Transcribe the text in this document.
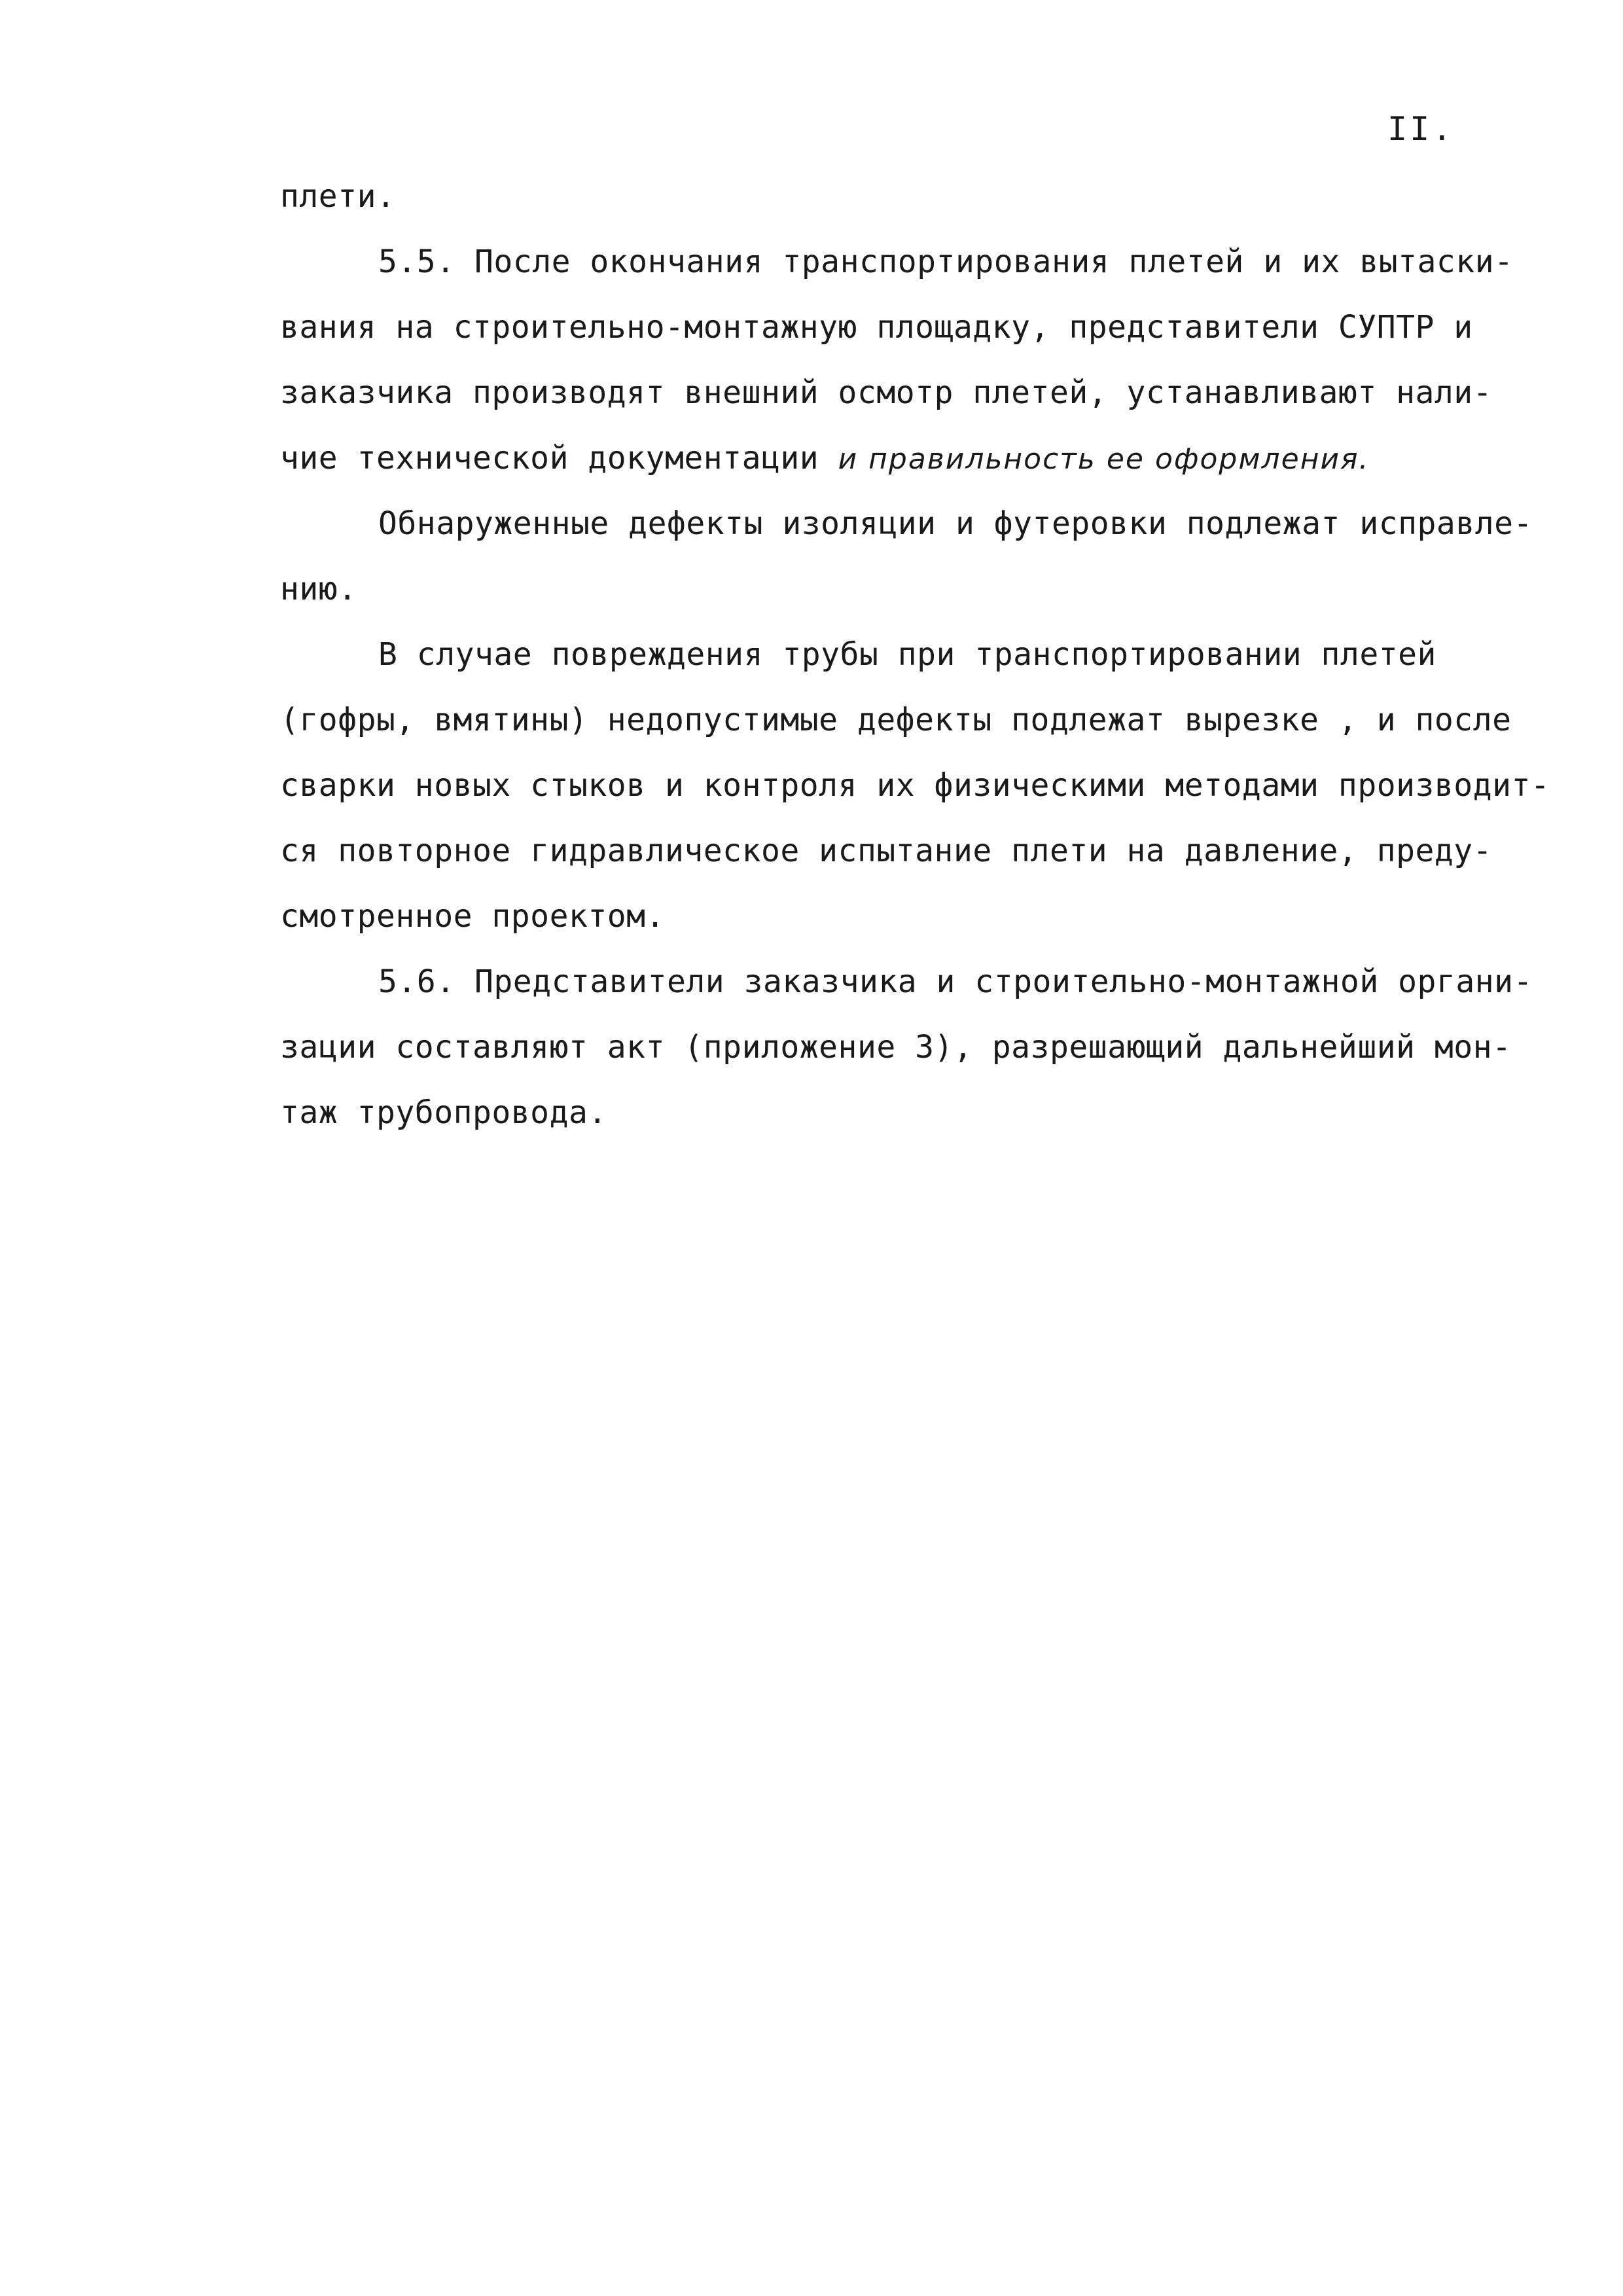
II.
плети.
5.5. После окончания транспортирования плетей и их вытаски-
вания на строительно-монтажную площадку, представители СУПТР и
заказчика производят внешний осмотр плетей, устанавливают нали-
чие технической документации и правильность ее оформления.
Обнаруженные дефекты изоляции и футеровки подлежат исправле-
нию.
В случае повреждения трубы при транспортировании плетей
(гофры, вмятины) недопустимые дефекты подлежат вырезке , и после
сварки новых стыков и контроля их физическими методами производит-
ся повторное гидравлическое испытание плети на давление, преду-
смотренное проектом.
5.6. Представители заказчика и строительно-монтажной органи-
зации составляют акт (приложение 3), разрешающий дальнейший мон-
таж трубопровода.
